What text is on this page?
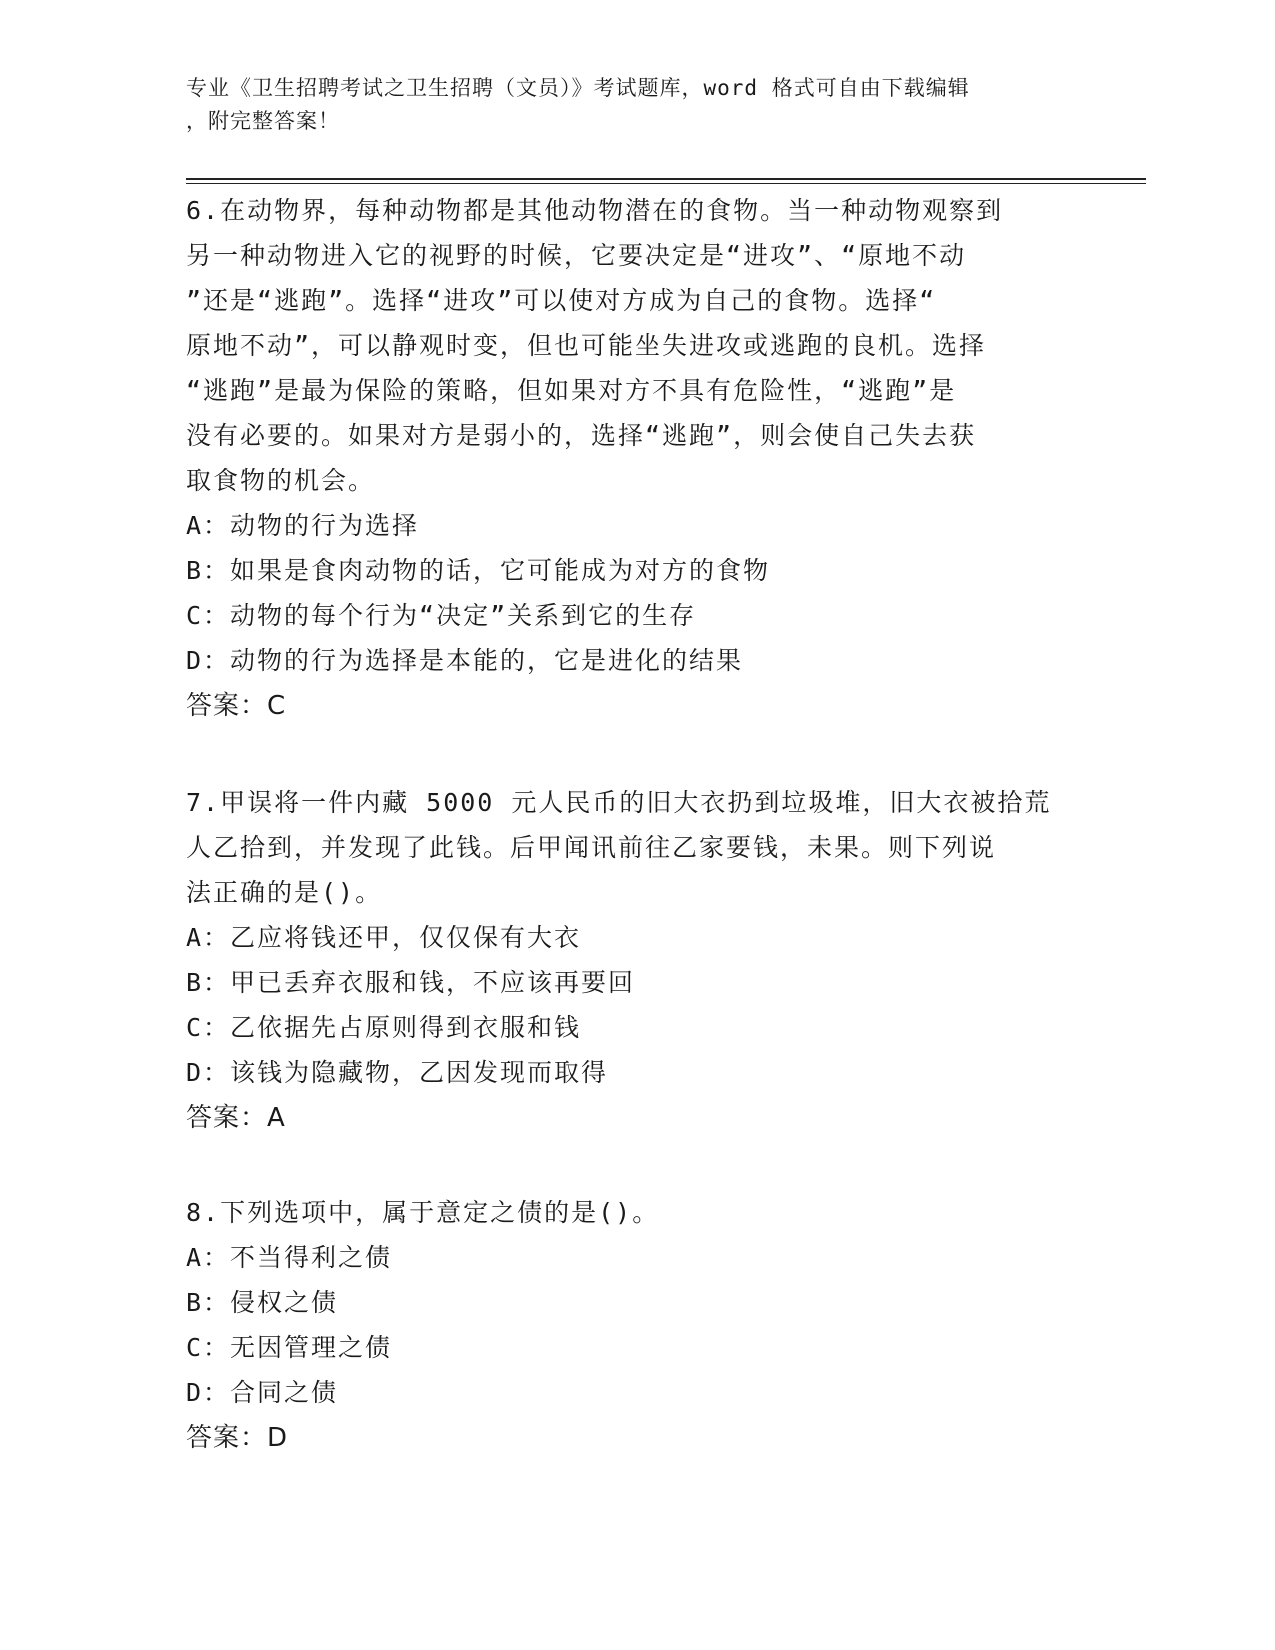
专业《卫生招聘考试之卫生招聘（文员）》考试题库，word 格式可自由下载编辑
，附完整答案！

6.在动物界，每种动物都是其他动物潜在的食物。当一种动物观察到

另一种动物进入它的视野的时候，它要决定是“进攻”、“原地不动

”还是“逃跑”。选择“进攻”可以使对方成为自己的食物。选择“

原地不动”，可以静观时变，但也可能坐失进攻或逃跑的良机。选择

“逃跑”是最为保险的策略，但如果对方不具有危险性，“逃跑”是

没有必要的。如果对方是弱小的，选择“逃跑”，则会使自己失去获

取食物的机会。

A：动物的行为选择

B：如果是食肉动物的话，它可能成为对方的食物

C：动物的每个行为“决定”关系到它的生存

D：动物的行为选择是本能的，它是进化的结果

答案：C

7.甲误将一件内藏 5000 元人民币的旧大衣扔到垃圾堆，旧大衣被拾荒

人乙拾到，并发现了此钱。后甲闻讯前往乙家要钱，未果。则下列说

法正确的是()。

A：乙应将钱还甲，仅仅保有大衣

B：甲已丢弃衣服和钱，不应该再要回

C：乙依据先占原则得到衣服和钱

D：该钱为隐藏物，乙因发现而取得

答案：A

8.下列选项中，属于意定之债的是()。

A：不当得利之债

B：侵权之债

C：无因管理之债

D：合同之债

答案：D
